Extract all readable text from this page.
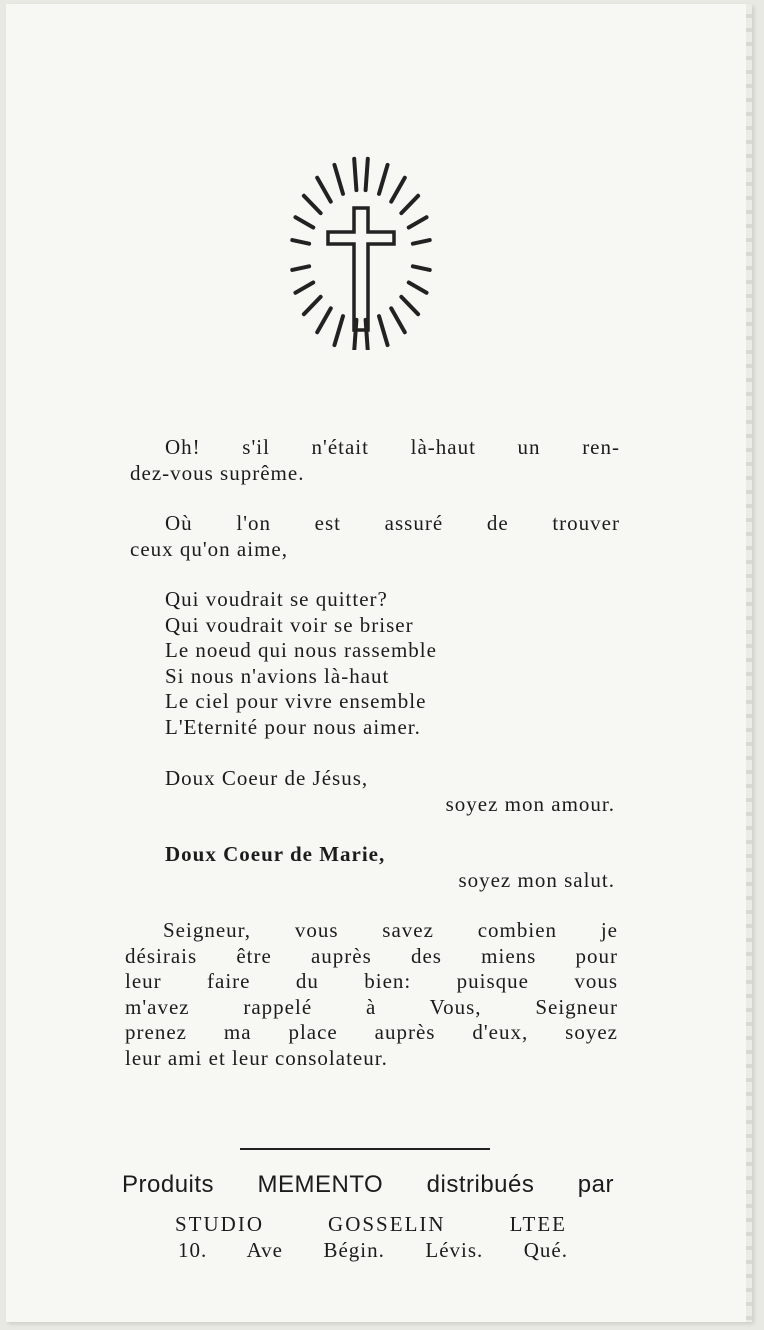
Oh! s'il n'était là-haut un ren-
dez-vous suprême.
Où l'on est assuré de trouver
ceux qu'on aime,
Qui voudrait se quitter?
Qui voudrait voir se briser
Le noeud qui nous rassemble
Si nous n'avions là-haut
Le ciel pour vivre ensemble
L'Eternité pour nous aimer.
Doux Coeur de Jésus,
soyez mon amour.
Doux Coeur de Marie,
soyez mon salut.
Seigneur, vous savez combien je
désirais être auprès des miens pour
leur faire du bien: puisque vous
m'avez rappelé à Vous, Seigneur
prenez ma place auprès d'eux, soyez
leur ami et leur consolateur.
Produits MEMENTO distribués par
STUDIO GOSSELIN LTEE
10. Ave Bégin. Lévis. Qué.
